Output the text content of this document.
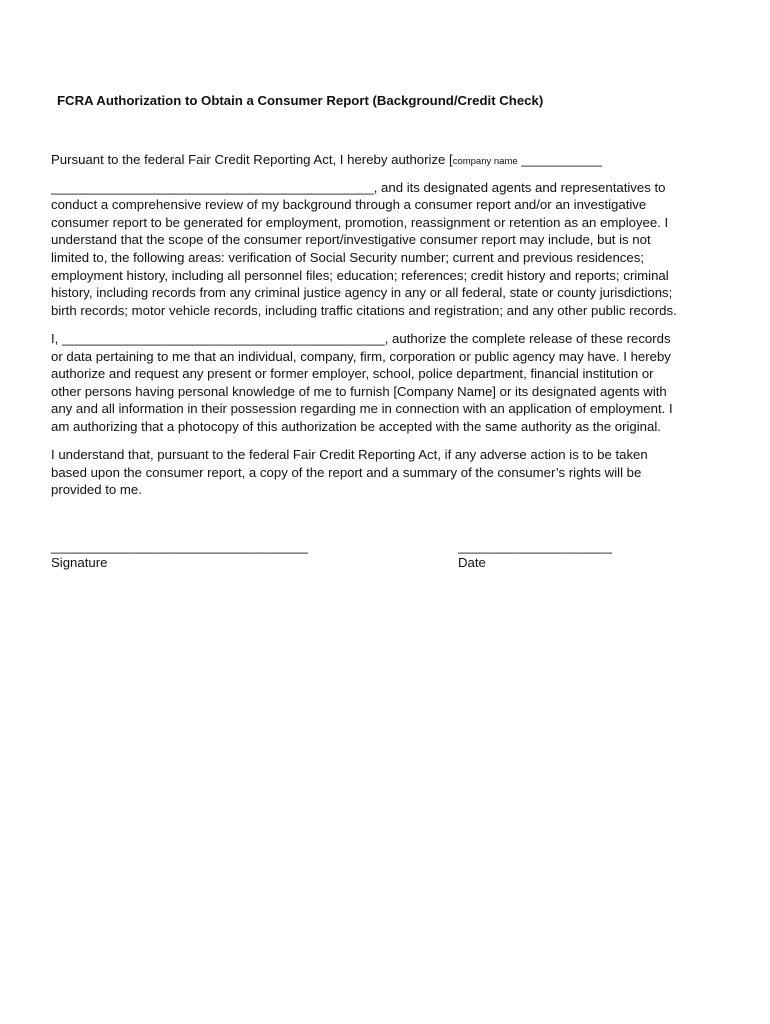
FCRA Authorization to Obtain a Consumer Report (Background/Credit Check)
Pursuant to the federal Fair Credit Reporting Act, I hereby authorize [company name ___________
____________________________________________, and its designated agents and representatives to
conduct a comprehensive review of my background through a consumer report and/or an investigative
consumer report to be generated for employment, promotion, reassignment or retention as an employee. I
understand that the scope of the consumer report/investigative consumer report may include, but is not
limited to, the following areas: verification of Social Security number; current and previous residences;
employment history, including all personnel files; education; references; credit history and reports; criminal
history, including records from any criminal justice agency in any or all federal, state or county jurisdictions;
birth records; motor vehicle records, including traffic citations and registration; and any other public records.
I, ____________________________________________, authorize the complete release of these records
or data pertaining to me that an individual, company, firm, corporation or public agency may have. I hereby
authorize and request any present or former employer, school, police department, financial institution or
other persons having personal knowledge of me to furnish [Company Name] or its designated agents with
any and all information in their possession regarding me in connection with an application of employment. I
am authorizing that a photocopy of this authorization be accepted with the same authority as the original.
I understand that, pursuant to the federal Fair Credit Reporting Act, if any adverse action is to be taken
based upon the consumer report, a copy of the report and a summary of the consumer’s rights will be
provided to me.
___________________________________	_____________________
Signature	Date
